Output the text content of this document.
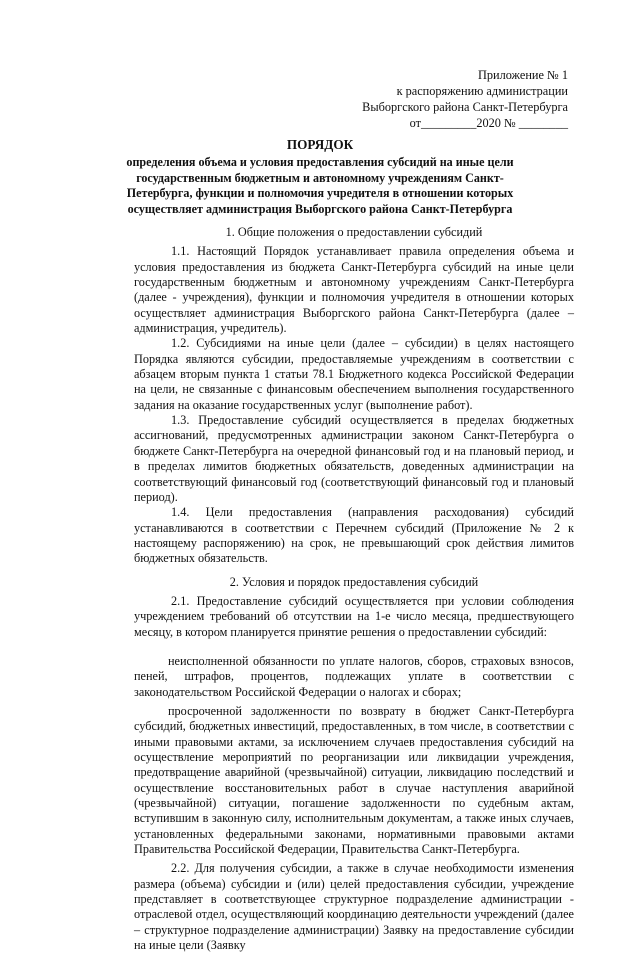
Приложение № 1
к распоряжению администрации
Выборгского района Санкт-Петербурга
от_________2020 № ________
ПОРЯДОК
определения объема и условия предоставления субсидий на иные цели государственным бюджетным и автономному учреждениям Санкт-Петербурга, функции и полномочия учредителя в отношении которых осуществляет администрация Выборгского района Санкт-Петербурга

1. Общие положения о предоставлении субсидий

1.1. Настоящий Порядок устанавливает правила определения объема и условия предоставления из бюджета Санкт-Петербурга субсидий на иные цели государственным бюджетным и автономному учреждениям Санкт-Петербурга (далее - учреждения), функции и полномочия учредителя в отношении которых осуществляет администрация Выборгского района Санкт-Петербурга (далее – администрация, учредитель).

1.2. Субсидиями на иные цели (далее – субсидии) в целях настоящего Порядка являются субсидии, предоставляемые учреждениям в соответствии с абзацем вторым пункта 1 статьи 78.1 Бюджетного кодекса Российской Федерации на цели, не связанные с финансовым обеспечением выполнения государственного задания на оказание государственных услуг (выполнение работ).

1.3. Предоставление субсидий осуществляется в пределах бюджетных ассигнований, предусмотренных администрации законом Санкт-Петербурга о бюджете Санкт-Петербурга на очередной финансовый год и на плановый период, и в пределах лимитов бюджетных обязательств, доведенных администрации на соответствующий финансовый год (соответствующий финансовый год и плановый период).

1.4. Цели предоставления (направления расходования) субсидий устанавливаются в соответствии с Перечнем субсидий (Приложение № 2 к настоящему распоряжению) на срок, не превышающий срок действия лимитов бюджетных обязательств.

2. Условия и порядок предоставления субсидий

2.1. Предоставление субсидий осуществляется при условии соблюдения учреждением требований об отсутствии на 1-е число месяца, предшествующего месяцу, в котором планируется принятие решения о предоставлении субсидий:

неисполненной обязанности по уплате налогов, сборов, страховых взносов, пеней, штрафов, процентов, подлежащих уплате в соответствии с законодательством Российской Федерации о налогах и сборах;

просроченной задолженности по возврату в бюджет Санкт-Петербурга субсидий, бюджетных инвестиций, предоставленных, в том числе, в соответствии с иными правовыми актами, за исключением случаев предоставления субсидий на осуществление мероприятий по реорганизации или ликвидации учреждения, предотвращение аварийной (чрезвычайной) ситуации, ликвидацию последствий и осуществление восстановительных работ в случае наступления аварийной (чрезвычайной) ситуации, погашение задолженности по судебным актам, вступившим в законную силу, исполнительным документам, а также иных случаев, установленных федеральными законами, нормативными правовыми актами Правительства Российской Федерации, Правительства Санкт-Петербурга.

2.2. Для получения субсидии, а также в случае необходимости изменения размера (объема) субсидии и (или) целей предоставления субсидии, учреждение представляет в соответствующее структурное подразделение администрации - отраслевой отдел, осуществляющий координацию деятельности учреждений (далее – структурное подразделение администрации) Заявку на предоставление субсидии на иные цели (Заявку
